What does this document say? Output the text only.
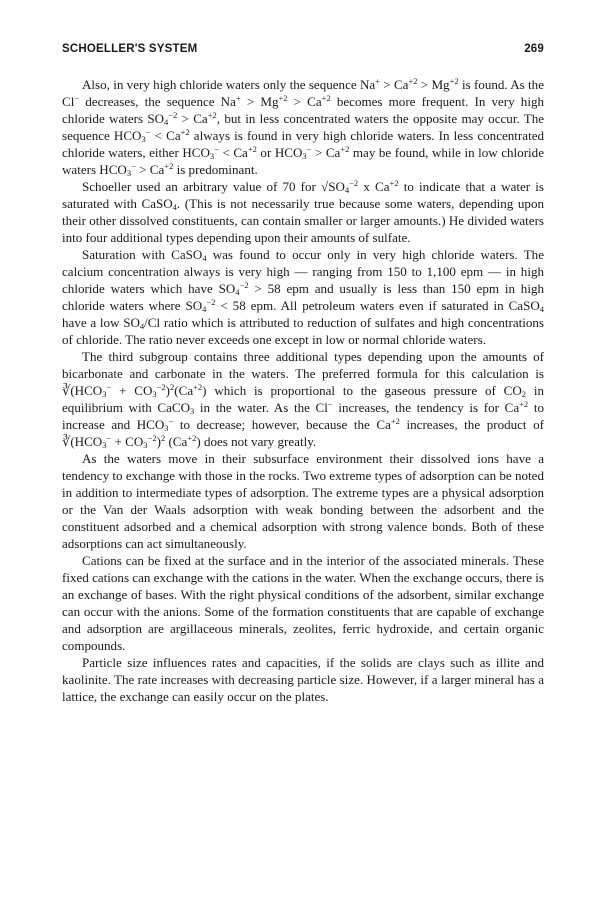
SCHOELLER'S SYSTEM	269

Also, in very high chloride waters only the sequence $Na^+ > Ca^{+2} > Mg^{+2}$ is found. As the Cl− decreases, the sequence $Na^+ > Mg^{+2} > Ca^{+2}$ becomes more frequent. In very high chloride waters $SO_4^{-2} > Ca^{+2}$, but in less concentrated waters the opposite may occur. The sequence $HCO_3^- < Ca^{+2}$ always is found in very high chloride waters. In less concentrated chloride waters, either $HCO_3^- < Ca^{+2}$ or $HCO_3^- > Ca^{+2}$ may be found, while in low chloride waters $HCO_3^- > Ca^{+2}$ is predominant.

Schoeller used an arbitrary value of 70 for $√SO_4^{-2}$ x $Ca^{+2}$ to indicate that a water is saturated with CaSO$_4$. (This is not necessarily true because some waters, depending upon their other dissolved constituents, can contain smaller or larger amounts.) He divided waters into four additional types depending upon their amounts of sulfate.

Saturation with CaSO$_4$ was found to occur only in very high chloride waters. The calcium concentration always is very high — ranging from 150 to 1,100 epm — in high chloride waters which have $SO_4^{-2} > 58$ epm and usually is less than 150 epm in high chloride waters where $SO_4^{-2} < 58$ epm. All petroleum waters even if saturated in CaSO$_4$ have a low $SO_4/Cl$ ratio which is attributed to reduction of sulfates and high concentrations of chloride. The ratio never exceeds one except in low or normal chloride waters.

The third subgroup contains three additional types depending upon the amounts of bicarbonate and carbonate in the waters. The preferred formula for this calculation is $∛(HCO_3^- + CO_3^{-2})^2(Ca^{+2})$ which is proportional to the gaseous pressure of $CO_2$ in equilibrium with CaCO$_3$ in the water. As the Cl− increases, the tendency is for $Ca^{+2}$ to increase and $HCO_3^-$ to decrease; however, because the $Ca^{+2}$ increases, the product of $∛(HCO_3^- + CO_3^{-2})^2$ $(Ca^{+2})$ does not vary greatly.

As the waters move in their subsurface environment their dissolved ions have a tendency to exchange with those in the rocks. Two extreme types of adsorption can be noted in addition to intermediate types of adsorption. The extreme types are a physical adsorption or the Van der Waals adsorption with weak bonding between the adsorbent and the constituent adsorbed and a chemical adsorption with strong valence bonds. Both of these adsorptions can act simultaneously.

Cations can be fixed at the surface and in the interior of the associated minerals. These fixed cations can exchange with the cations in the water. When the exchange occurs, there is an exchange of bases. With the right physical conditions of the adsorbent, similar exchange can occur with the anions. Some of the formation constituents that are capable of exchange and adsorption are argillaceous minerals, zeolites, ferric hydroxide, and certain organic compounds.

Particle size influences rates and capacities, if the solids are clays such as illite and kaolinite. The rate increases with decreasing particle size. However, if a larger mineral has a lattice, the exchange can easily occur on the plates.
